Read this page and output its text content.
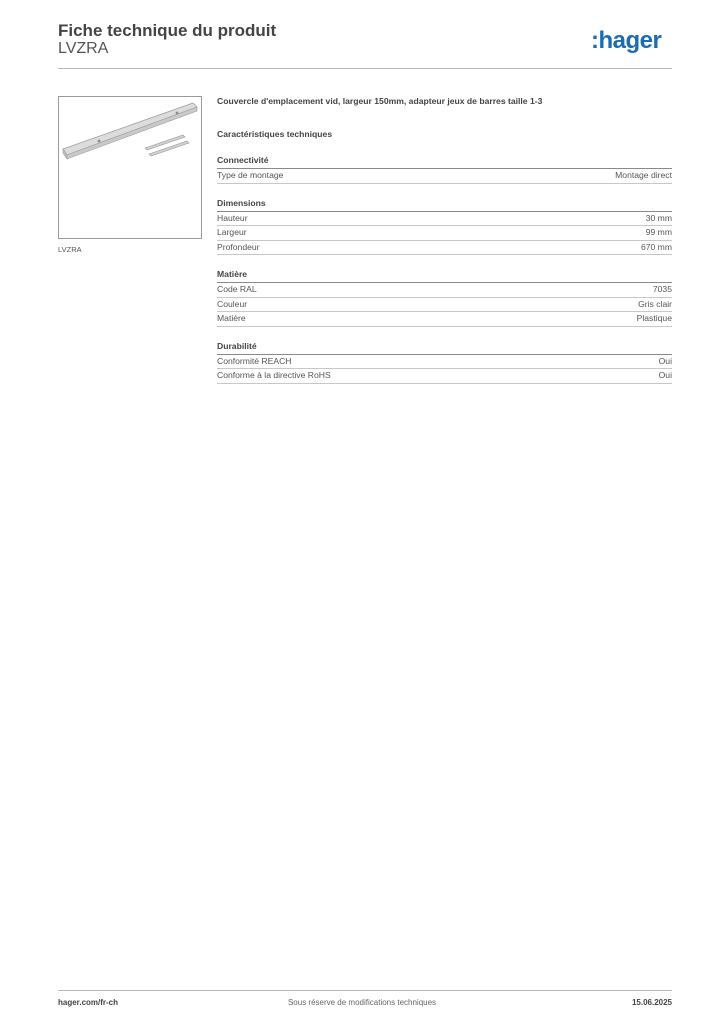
Fiche technique du produit
LVZRA	:hager
LVZRA
Couvercle d'emplacement vid, largeur 150mm, adapteur jeux de barres taille 1-3
Caractéristiques techniques
Connectivité
Type de montage	Montage direct
Dimensions
Hauteur	30 mm
Largeur	99 mm
Profondeur	670 mm
Matière
Code RAL	7035
Couleur	Gris clair
Matière	Plastique
Durabilité
Conformité REACH	Oui
Conforme à la directive RoHS	Oui
hager.com/fr-ch	Sous réserve de modifications techniques	15.06.2025
